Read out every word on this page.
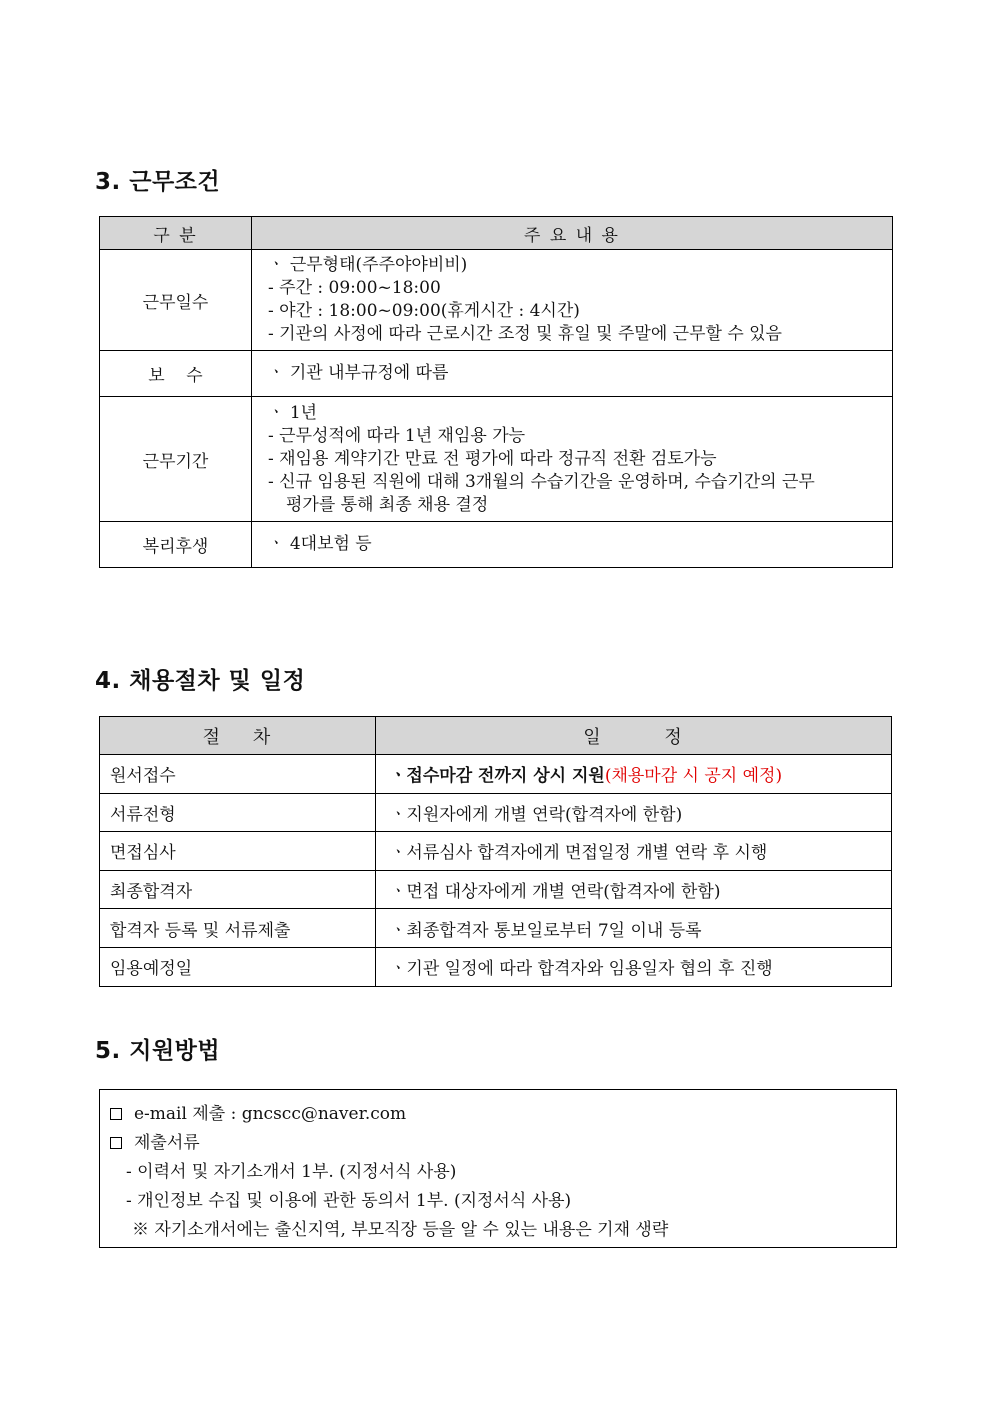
3. 근무조건
구 분	주 요 내 용
근무일수	ㆍ 근무형태(주주야야비비)
- 주간 : 09:00~18:00
- 야간 : 18:00~09:00(휴게시간 : 4시간)
- 기관의 사정에 따라 근로시간 조정 및 휴일 및 주말에 근무할 수 있음

보    수	ㆍ 기관 내부규정에 따름

근무기간	ㆍ 1년
- 근무성적에 따라 1년 재임용 가능
- 재임용 계약기간 만료 전 평가에 따라 정규직 전환 검토가능
- 신규 임용된 직원에 대해 3개월의 수습기간을 운영하며, 수습기간의 근무
평가를 통해 최종 채용 결정

복리후생	ㆍ 4대보험 등
4. 채용절차 및 일정
절    차	일        정
원서접수	ㆍ접수마감 전까지 상시 지원(채용마감 시 공지 예정)
서류전형	ㆍ지원자에게 개별 연락(합격자에 한함)
면접심사	ㆍ서류심사 합격자에게 면접일정 개별 연락 후 시행
최종합격자	ㆍ면접 대상자에게 개별 연락(합격자에 한함)
합격자 등록 및 서류제출	ㆍ최종합격자 통보일로부터 7일 이내 등록
임용예정일	ㆍ기관 일정에 따라 합격자와 임용일자 협의 후 진행
5. 지원방법
e-mail 제출 : gncscc@naver.com
제출서류
- 이력서 및 자기소개서 1부. (지정서식 사용)
- 개인정보 수집 및 이용에 관한 동의서 1부. (지정서식 사용)
※ 자기소개서에는 출신지역, 부모직장 등을 알 수 있는 내용은 기재 생략
